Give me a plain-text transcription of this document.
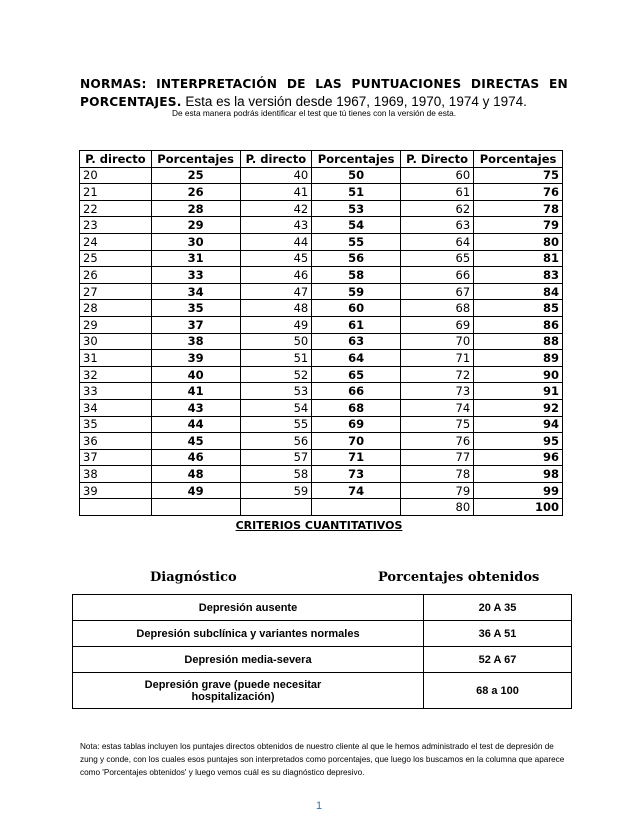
NORMAS: INTERPRETACIÓN DE LAS PUNTUACIONES DIRECTAS EN
PORCENTAJES. Esta es la versión desde 1967, 1969, 1970, 1974 y 1974.
De esta manera podrás identificar el test que tú tienes con la versión de esta.
P. directo	Porcentajes	P. directo	Porcentajes	P. Directo	Porcentajes
20	25	40	50	60	75
21	26	41	51	61	76
22	28	42	53	62	78
23	29	43	54	63	79
24	30	44	55	64	80
25	31	45	56	65	81
26	33	46	58	66	83
27	34	47	59	67	84
28	35	48	60	68	85
29	37	49	61	69	86
30	38	50	63	70	88
31	39	51	64	71	89
32	40	52	65	72	90
33	41	53	66	73	91
34	43	54	68	74	92
35	44	55	69	75	94
36	45	56	70	76	95
37	46	57	71	77	96
38	48	58	73	78	98
39	49	59	74	79	99
				80	100
CRITERIOS CUANTITATIVOS
Diagnóstico	Porcentajes obtenidos
Depresión ausente	20 A 35
Depresión subclínica y variantes normales	36 A 51
Depresión media-severa	52 A 67
Depresión grave (puede necesitar hospitalización)	68 a 100
Nota: estas tablas incluyen los puntajes directos obtenidos de nuestro cliente al que le hemos administrado el test de depresión de zung y conde, con los cuales esos puntajes son interpretados como porcentajes, que luego los buscamos en la columna que aparece como 'Porcentajes obtenidos' y luego vemos cuál es su diagnóstico depresivo.
1
